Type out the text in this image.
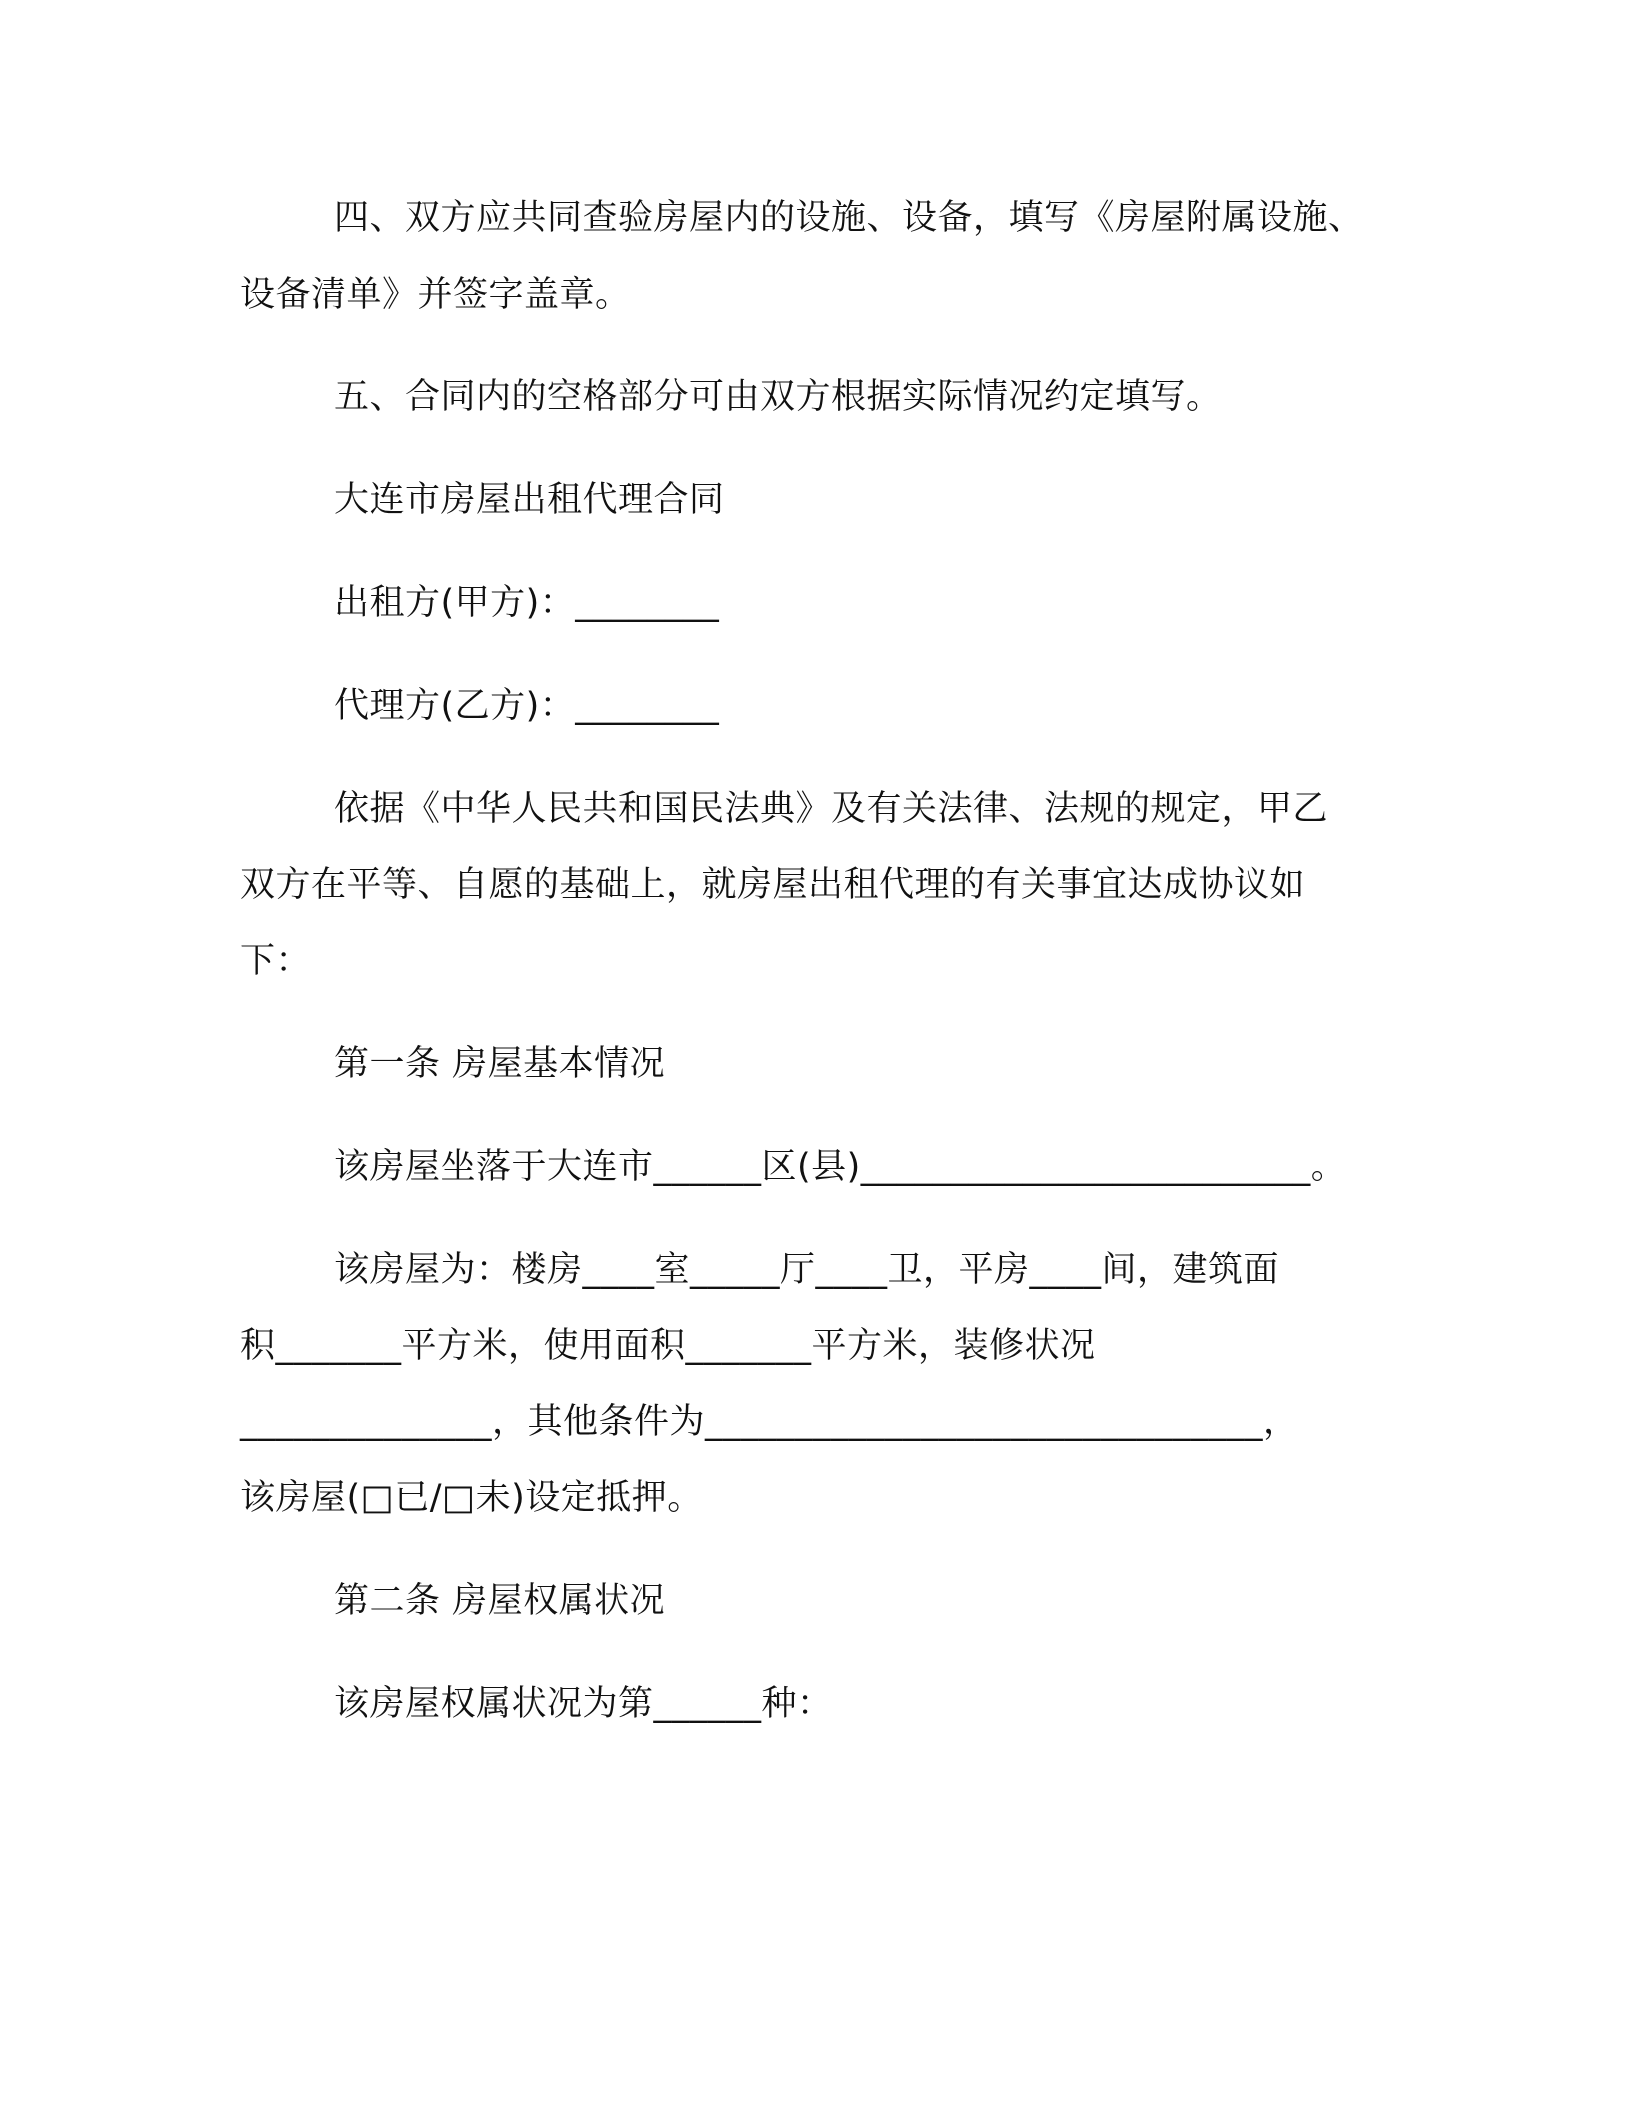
四、双方应共同查验房屋内的设施、设备，填写《房屋附属设施、
设备清单》并签字盖章。
五、合同内的空格部分可由双方根据实际情况约定填写。
大连市房屋出租代理合同
出租方(甲方)：________
代理方(乙方)：________
依据《中华人民共和国民法典》及有关法律、法规的规定，甲乙
双方在平等、自愿的基础上，就房屋出租代理的有关事宜达成协议如
下：
第一条 房屋基本情况
该房屋坐落于大连市______区(县)_________________________。
该房屋为：楼房____室_____厅____卫，平房____间，建筑面
积_______平方米，使用面积_______平方米，装修状况
______________，其他条件为_______________________________，
该房屋(□已/□未)设定抵押。
第二条 房屋权属状况
该房屋权属状况为第______种：
